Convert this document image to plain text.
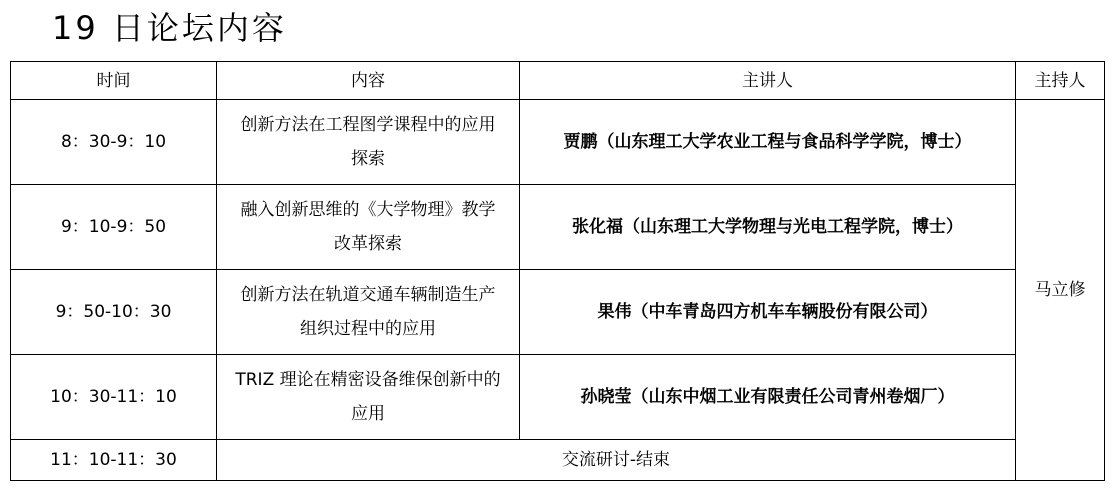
19 日论坛内容
时间	内容	主讲人	主持人
8：30-9：10	创新方法在工程图学课程中的应用探索	贾鹏（山东理工大学农业工程与食品科学学院，博士）	马立修
9：10-9：50	融入创新思维的《大学物理》教学改革探索	张化福（山东理工大学物理与光电工程学院，博士）	
9：50-10：30	创新方法在轨道交通车辆制造生产组织过程中的应用	果伟（中车青岛四方机车车辆股份有限公司）	
10：30-11：10	TRIZ 理论在精密设备维保创新中的应用	孙晓莹（山东中烟工业有限责任公司青州卷烟厂）	
11：10-11：30	交流研讨-结束		
